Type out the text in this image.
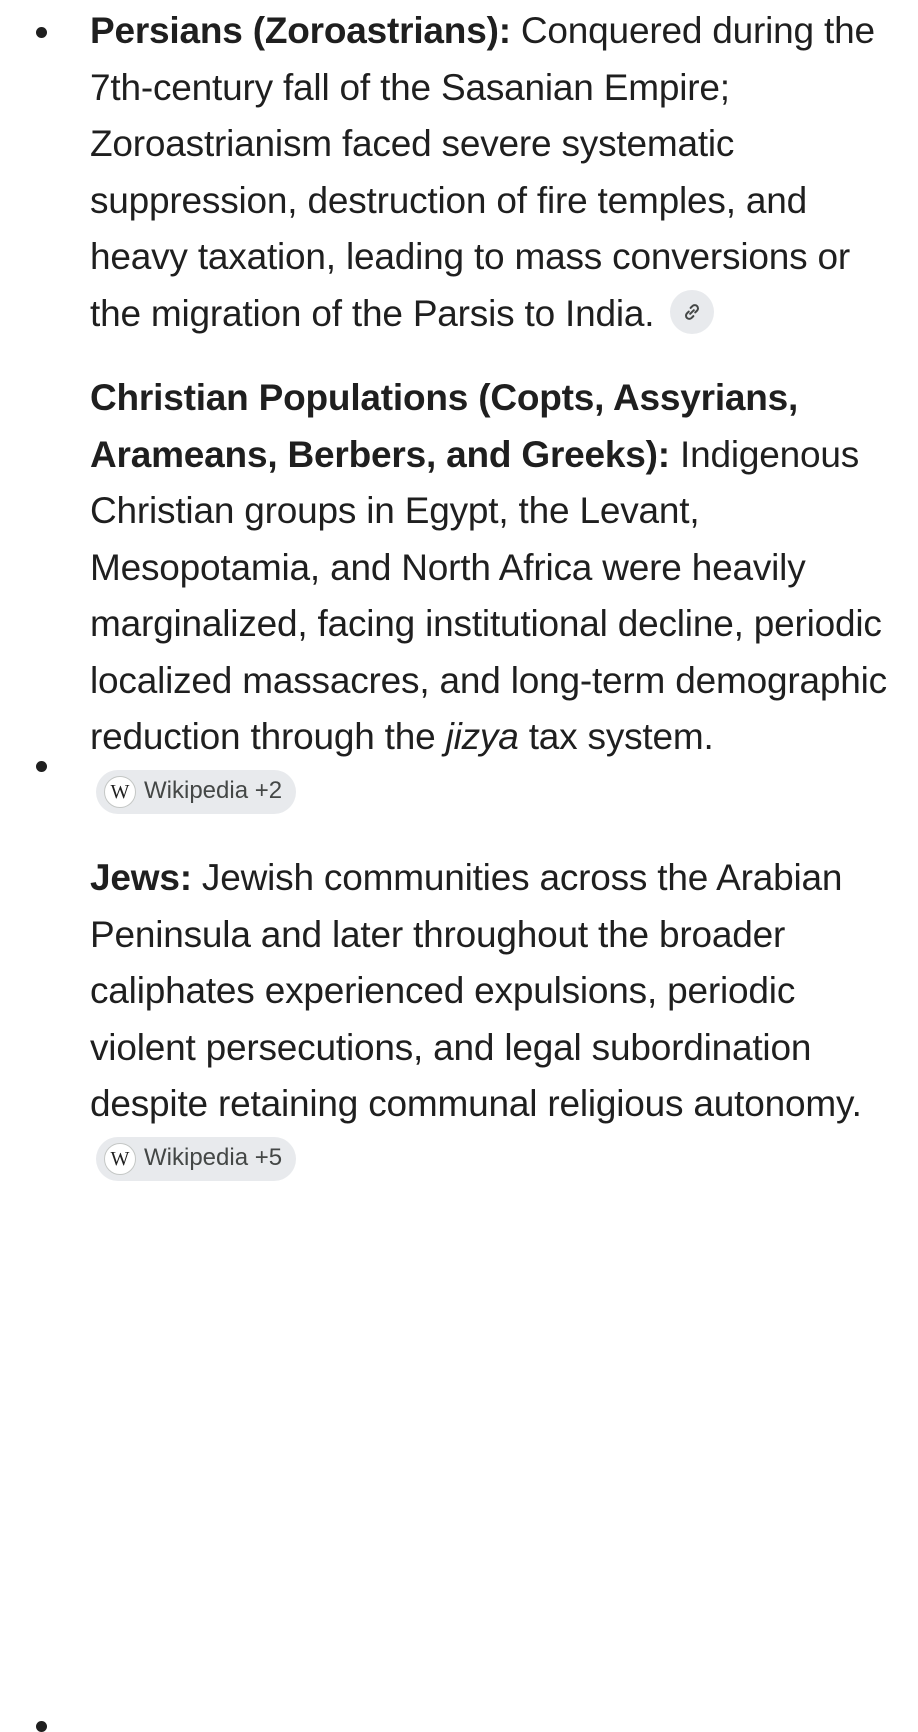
Persians (Zoroastrians): Conquered during the 7th-century fall of the Sasanian Empire; Zoroastrianism faced severe systematic suppression, destruction of fire temples, and heavy taxation, leading to mass conversions or the migration of the Parsis to India.
Christian Populations (Copts, Assyrians, Arameans, Berbers, and Greeks): Indigenous Christian groups in Egypt, the Levant, Mesopotamia, and North Africa were heavily marginalized, facing institutional decline, periodic localized massacres, and long-term demographic reduction through the jizya tax system.
W Wikipedia +2
Jews: Jewish communities across the Arabian Peninsula and later throughout the broader caliphates experienced expulsions, periodic violent persecutions, and legal subordination despite retaining communal religious autonomy.
W Wikipedia +5
